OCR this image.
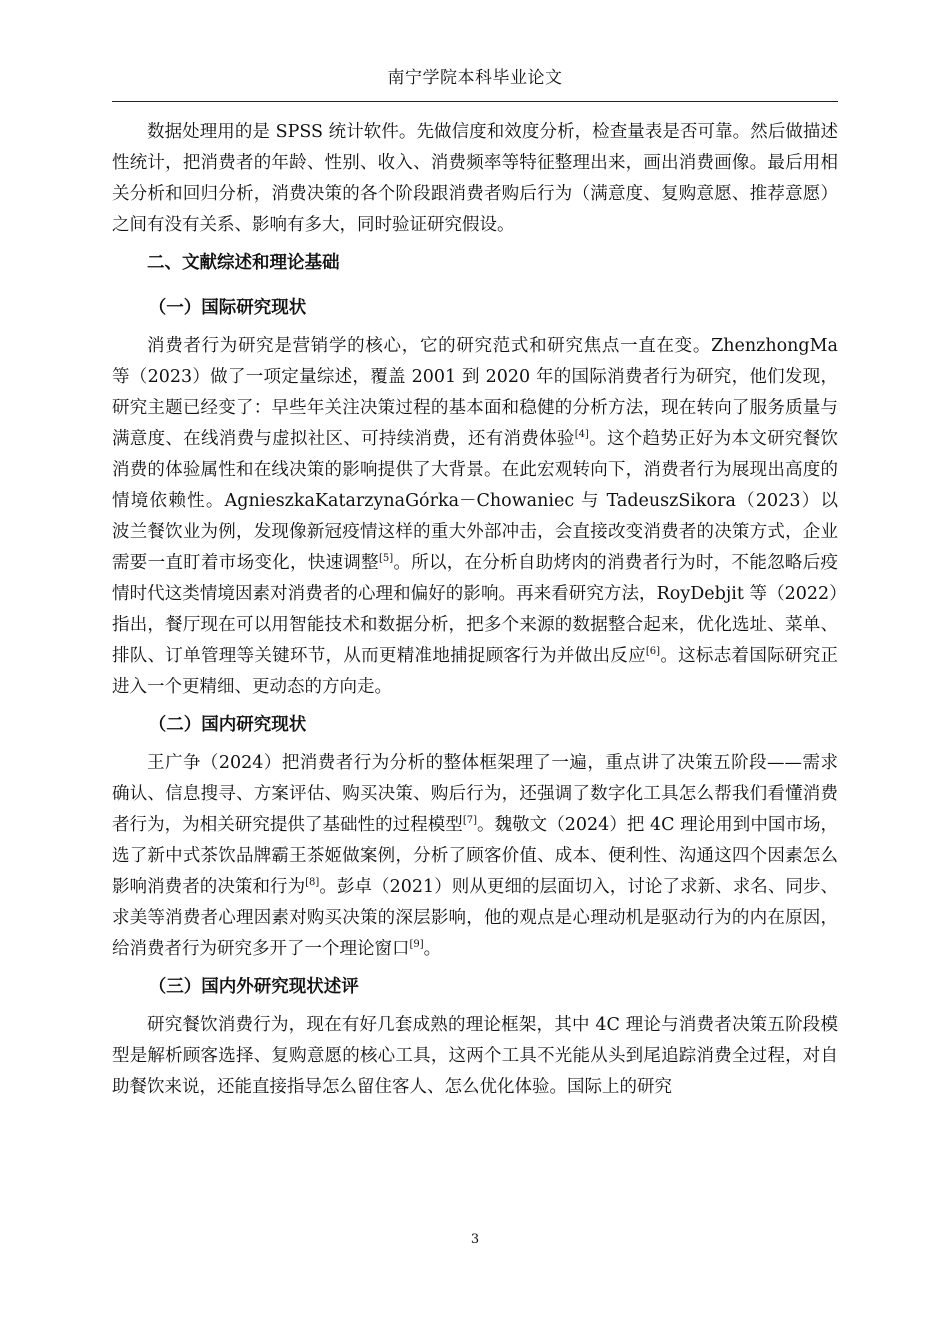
南宁学院本科毕业论文

数据处理用的是 SPSS 统计软件。先做信度和效度分析，检查量表是否可靠。然后做描述性统计，把消费者的年龄、性别、收入、消费频率等特征整理出来，画出消费画像。最后用相关分析和回归分析，消费决策的各个阶段跟消费者购后行为（满意度、复购意愿、推荐意愿）之间有没有关系、影响有多大，同时验证研究假设。

二、文献综述和理论基础
（一）国际研究现状

消费者行为研究是营销学的核心，它的研究范式和研究焦点一直在变。ZhenzhongMa 等（2023）做了一项定量综述，覆盖 2001 到 2020 年的国际消费者行为研究，他们发现，研究主题已经变了：早些年关注决策过程的基本面和稳健的分析方法，现在转向了服务质量与满意度、在线消费与虚拟社区、可持续消费，还有消费体验[4]。这个趋势正好为本文研究餐饮消费的体验属性和在线决策的影响提供了大背景。在此宏观转向下，消费者行为展现出高度的情境依赖性。AgnieszkaKatarzynaGórka－Chowaniec 与 TadeuszSikora（2023）以波兰餐饮业为例，发现像新冠疫情这样的重大外部冲击，会直接改变消费者的决策方式，企业需要一直盯着市场变化，快速调整[5]。所以，在分析自助烤肉的消费者行为时，不能忽略后疫情时代这类情境因素对消费者的心理和偏好的影响。再来看研究方法，RoyDebjit 等（2022）指出，餐厅现在可以用智能技术和数据分析，把多个来源的数据整合起来，优化选址、菜单、排队、订单管理等关键环节，从而更精准地捕捉顾客行为并做出反应[6]。这标志着国际研究正进入一个更精细、更动态的方向走。

（二）国内研究现状

王广争（2024）把消费者行为分析的整体框架理了一遍，重点讲了决策五阶段——需求确认、信息搜寻、方案评估、购买决策、购后行为，还强调了数字化工具怎么帮我们看懂消费者行为，为相关研究提供了基础性的过程模型[7]。魏敬文（2024）把 4C 理论用到中国市场，选了新中式茶饮品牌霸王茶姬做案例，分析了顾客价值、成本、便利性、沟通这四个因素怎么影响消费者的决策和行为[8]。彭卓（2021）则从更细的层面切入，讨论了求新、求名、同步、求美等消费者心理因素对购买决策的深层影响，他的观点是心理动机是驱动行为的内在原因，给消费者行为研究多开了一个理论窗口[9]。

（三）国内外研究现状述评

研究餐饮消费行为，现在有好几套成熟的理论框架，其中 4C 理论与消费者决策五阶段模型是解析顾客选择、复购意愿的核心工具，这两个工具不光能从头到尾追踪消费全过程，对自助餐饮来说，还能直接指导怎么留住客人、怎么优化体验。国际上的研究

3
